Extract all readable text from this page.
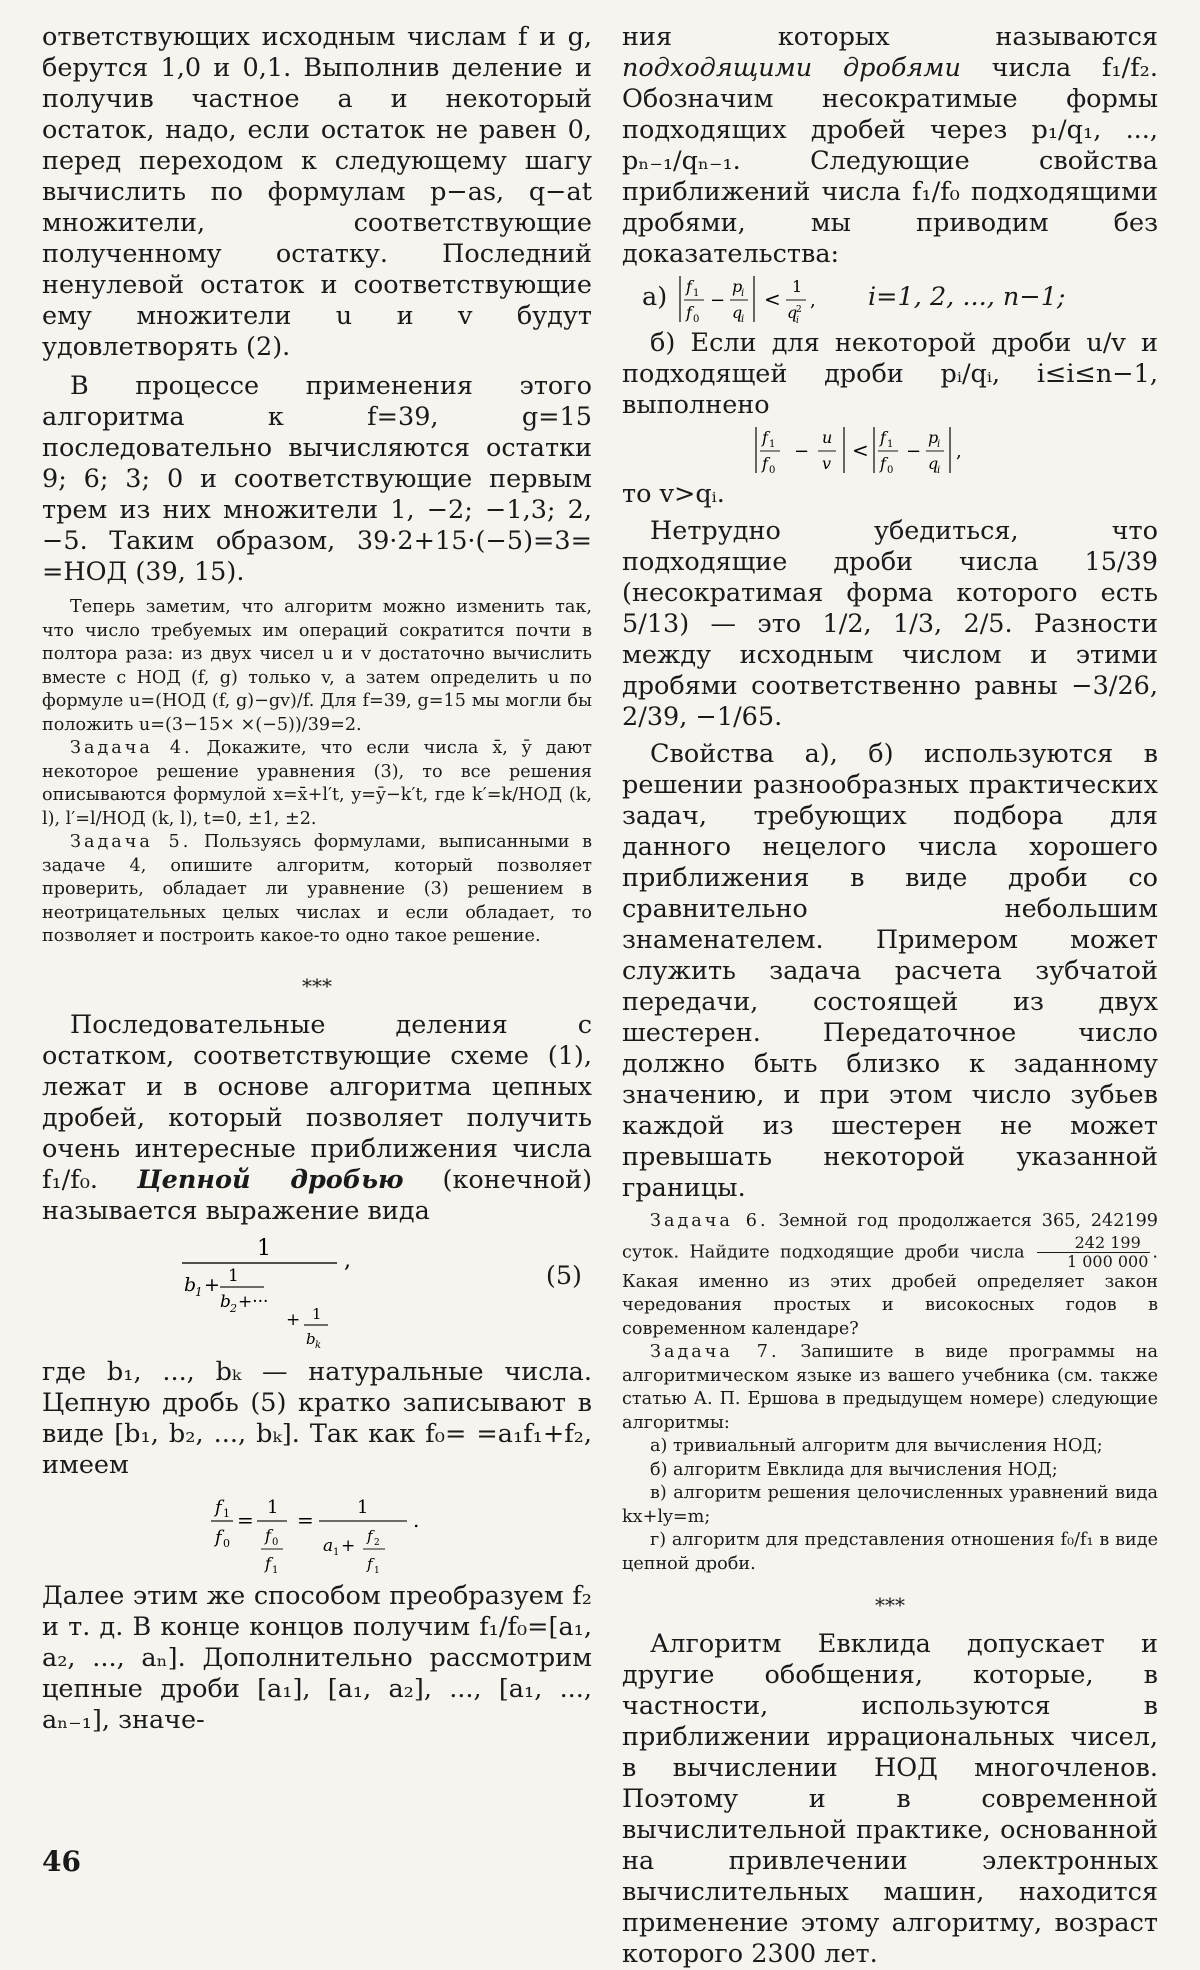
ответствующих исходным числам f и g, берутся 1,0 и 0,1. Выполнив деление и получив частное a и некоторый остаток, надо, если остаток не равен 0, перед переходом к следующему шагу вычислить по формулам p−as, q−at множители, соответствующие полученному остатку. Последний ненулевой остаток и соответствующие ему множители u и v будут удовлетворять (2).

В процессе применения этого алгоритма к f=39, g=15 последовательно вычисляются остатки 9; 6; 3; 0 и соответствующие первым трем из них множители 1, −2; −1,3; 2, −5. Таким образом, 39·2+15·(−5)=3= =НОД (39, 15).

Теперь заметим, что алгоритм можно изменить так, что число требуемых им операций сократится почти в полтора раза: из двух чисел u и v достаточно вычислить вместе с НОД (f, g) только v, а затем определить u по формуле u=(НОД (f, g)−gv)/f. Для f=39, g=15 мы могли бы положить u=(3−15× ×(−5))/39=2.

Задача 4. Докажите, что если числа x̄, ȳ дают некоторое решение уравнения (3), то все решения описываются формулой x=x̄+l′t, y=ȳ−k′t, где k′=k/НОД (k, l), l′=l/НОД (k, l), t=0, ±1, ±2.

Задача 5. Пользуясь формулами, выписанными в задаче 4, опишите алгоритм, который позволяет проверить, обладает ли уравнение (3) решением в неотрицательных целых числах и если обладает, то позволяет и построить какое-то одно такое решение.

***

Последовательные деления с остатком, соответствующие схеме (1), лежат и в основе алгоритма цепных дробей, который позволяет получить очень интересные приближения числа f₁/f₀. Цепной дробью (конечной) называется выражение вида

1	,
b
1 + 1
b 2 +···
+ 1
b k
(5)

где b₁, ..., bₖ — натуральные числа. Цепную дробь (5) кратко записывают в виде [b₁, b₂, ..., bₖ]. Так как f₀= =a₁f₁+f₂, имеем

f 1
f 0
=
1
f 0
f 1
=
1
a 1 + f 2
f 1
.

Далее этим же способом преобразуем f₂ и т. д. В конце концов получим f₁/f₀=[a₁, a₂, ..., aₙ]. Дополнительно рассмотрим цепные дроби [a₁], [a₁, a₂], ..., [a₁, ..., aₙ₋₁], значе-

ния которых называются подходящими дробями числа f₁/f₂. Обозначим несократимые формы подходящих дробей через p₁/q₁, ..., pₙ₋₁/qₙ₋₁. Следующие свойства приближений числа f₁/f₀ подходящими дробями, мы приводим без доказательства:

а) f 1
f 0
−
p
i
q
i
<
1
q
2
i
, i=1, 2, ..., n−1;

б) Если для некоторой дроби u/v и подходящей дроби pᵢ/qᵢ, i≤i≤n−1, выполнено

f 1
f 0
−
u
v
<
f 1
f 0
−
p
i
q
i
,

то v>qᵢ.

Нетрудно убедиться, что подходящие дроби числа 15/39 (несократимая форма которого есть 5/13) — это 1/2, 1/3, 2/5. Разности между исходным числом и этими дробями соответственно равны −3/26, 2/39, −1/65.

Свойства а), б) используются в решении разнообразных практических задач, требующих подбора для данного нецелого числа хорошего приближения в виде дроби со сравнительно небольшим знаменателем. Примером может служить задача расчета зубчатой передачи, состоящей из двух шестерен. Передаточное число должно быть близко к заданному значению, и при этом число зубьев каждой из шестерен не может превышать некоторой указанной границы.

Задача 6. Земной год продолжается 365, 242199 суток. Найдите подходящие дроби числа $\frac{242 199}{1 000 000}$ . Какая именно из этих дробей определяет закон чередования простых и високосных годов в современном календаре?

Задача 7. Запишите в виде программы на алгоритмическом языке из вашего учебника (см. также статью А. П. Ершова в предыдущем номере) следующие алгоритмы:

а) тривиальный алгоритм для вычисления НОД;

б) алгоритм Евклида для вычисления НОД;

в) алгоритм решения целочисленных уравнений вида kx+ly=m;

г) алгоритм для представления отношения f₀/f₁ в виде цепной дроби.

***

Алгоритм Евклида допускает и другие обобщения, которые, в частности, используются в приближении иррациональных чисел, в вычислении НОД многочленов. Поэтому и в современной вычислительной практике, основанной на привлечении электронных вычислительных машин, находится применение этому алгоритму, возраст которого 2300 лет.

46
